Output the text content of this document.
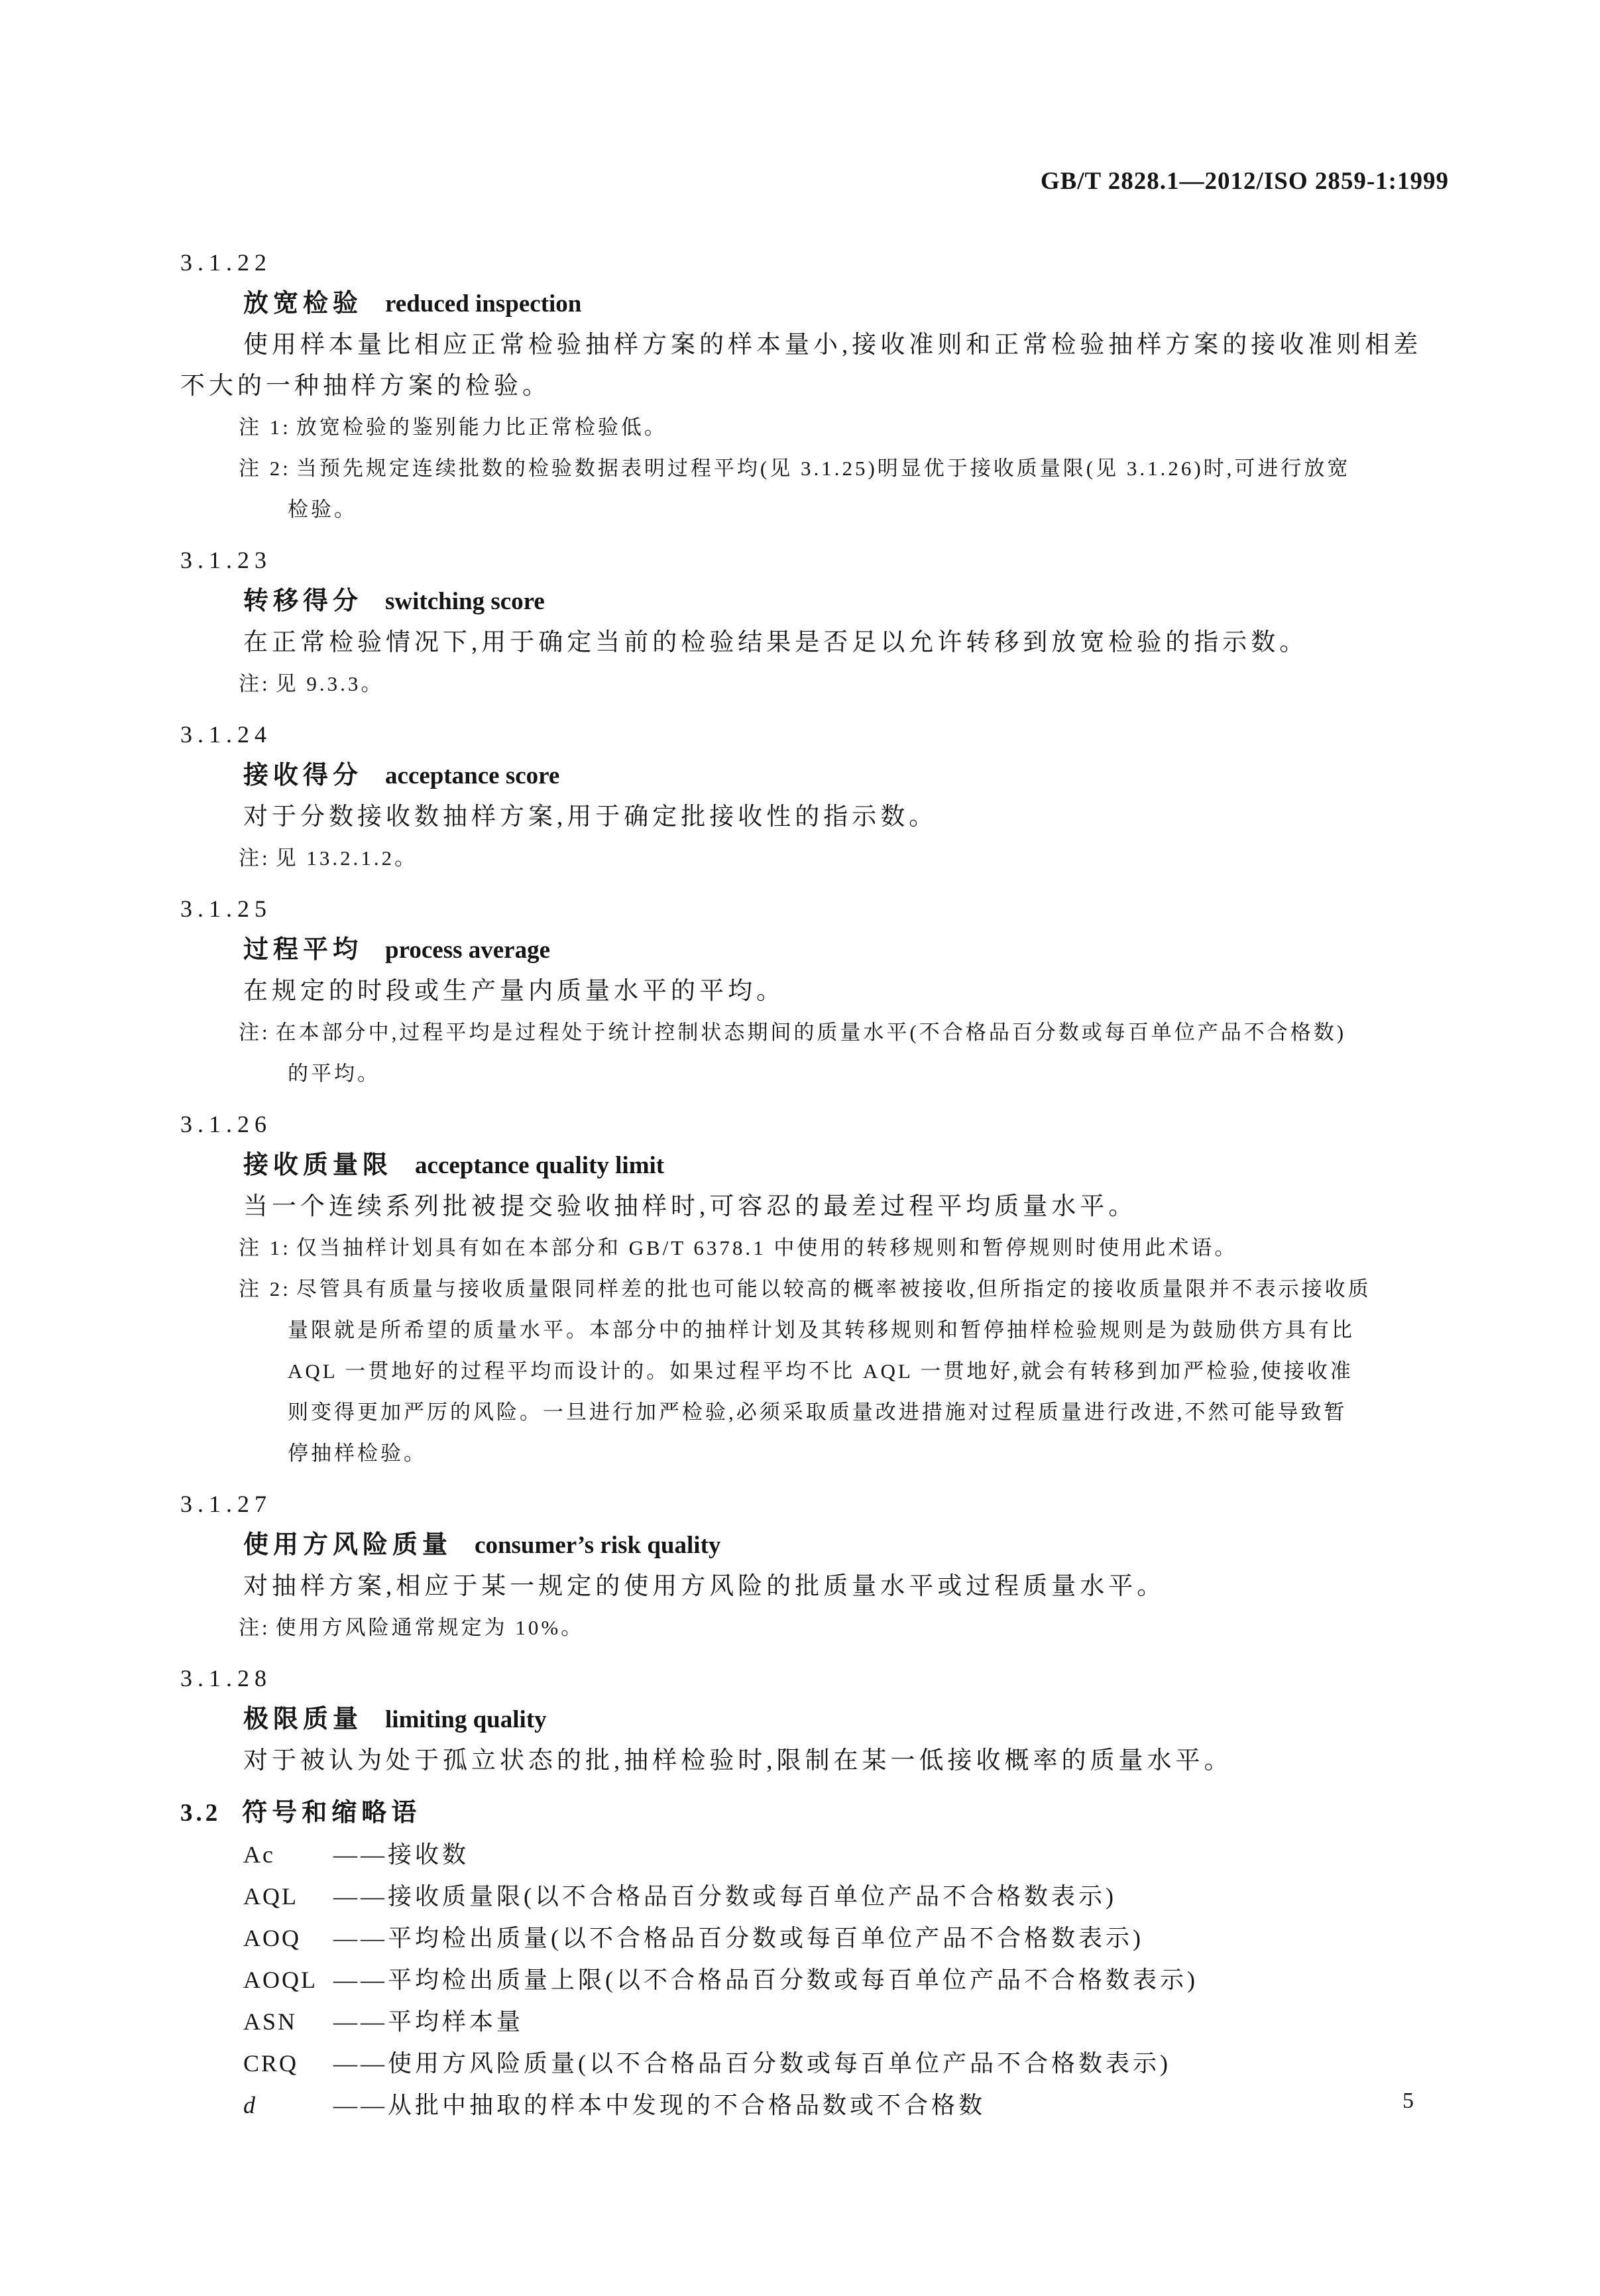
GB/T 2828.1—2012/ISO 2859-1:1999
3.1.22
放宽检验 reduced inspection
使用样本量比相应正常检验抽样方案的样本量小,接收准则和正常检验抽样方案的接收准则相差
不大的一种抽样方案的检验。
注 1: 放宽检验的鉴别能力比正常检验低。
注 2: 当预先规定连续批数的检验数据表明过程平均(见 3.1.25)明显优于接收质量限(见 3.1.26)时,可进行放宽
检验。
3.1.23
转移得分 switching score
在正常检验情况下,用于确定当前的检验结果是否足以允许转移到放宽检验的指示数。
注: 见 9.3.3。
3.1.24
接收得分 acceptance score
对于分数接收数抽样方案,用于确定批接收性的指示数。
注: 见 13.2.1.2。
3.1.25
过程平均 process average
在规定的时段或生产量内质量水平的平均。
注: 在本部分中,过程平均是过程处于统计控制状态期间的质量水平(不合格品百分数或每百单位产品不合格数)
的平均。
3.1.26
接收质量限 acceptance quality limit
当一个连续系列批被提交验收抽样时,可容忍的最差过程平均质量水平。
注 1: 仅当抽样计划具有如在本部分和 GB/T 6378.1 中使用的转移规则和暂停规则时使用此术语。
注 2: 尽管具有质量与接收质量限同样差的批也可能以较高的概率被接收,但所指定的接收质量限并不表示接收质
量限就是所希望的质量水平。本部分中的抽样计划及其转移规则和暂停抽样检验规则是为鼓励供方具有比
AQL 一贯地好的过程平均而设计的。如果过程平均不比 AQL 一贯地好,就会有转移到加严检验,使接收准
则变得更加严厉的风险。一旦进行加严检验,必须采取质量改进措施对过程质量进行改进,不然可能导致暂
停抽样检验。
3.1.27
使用方风险质量 consumer’s risk quality
对抽样方案,相应于某一规定的使用方风险的批质量水平或过程质量水平。
注: 使用方风险通常规定为 10%。
3.1.28
极限质量 limiting quality
对于被认为处于孤立状态的批,抽样检验时,限制在某一低接收概率的质量水平。
3.2 符号和缩略语
Ac ——接收数
AQL ——接收质量限(以不合格品百分数或每百单位产品不合格数表示)
AOQ ——平均检出质量(以不合格品百分数或每百单位产品不合格数表示)
AOQL ——平均检出质量上限(以不合格品百分数或每百单位产品不合格数表示)
ASN ——平均样本量
CRQ ——使用方风险质量(以不合格品百分数或每百单位产品不合格数表示)
d	——从批中抽取的样本中发现的不合格品数或不合格数	5
